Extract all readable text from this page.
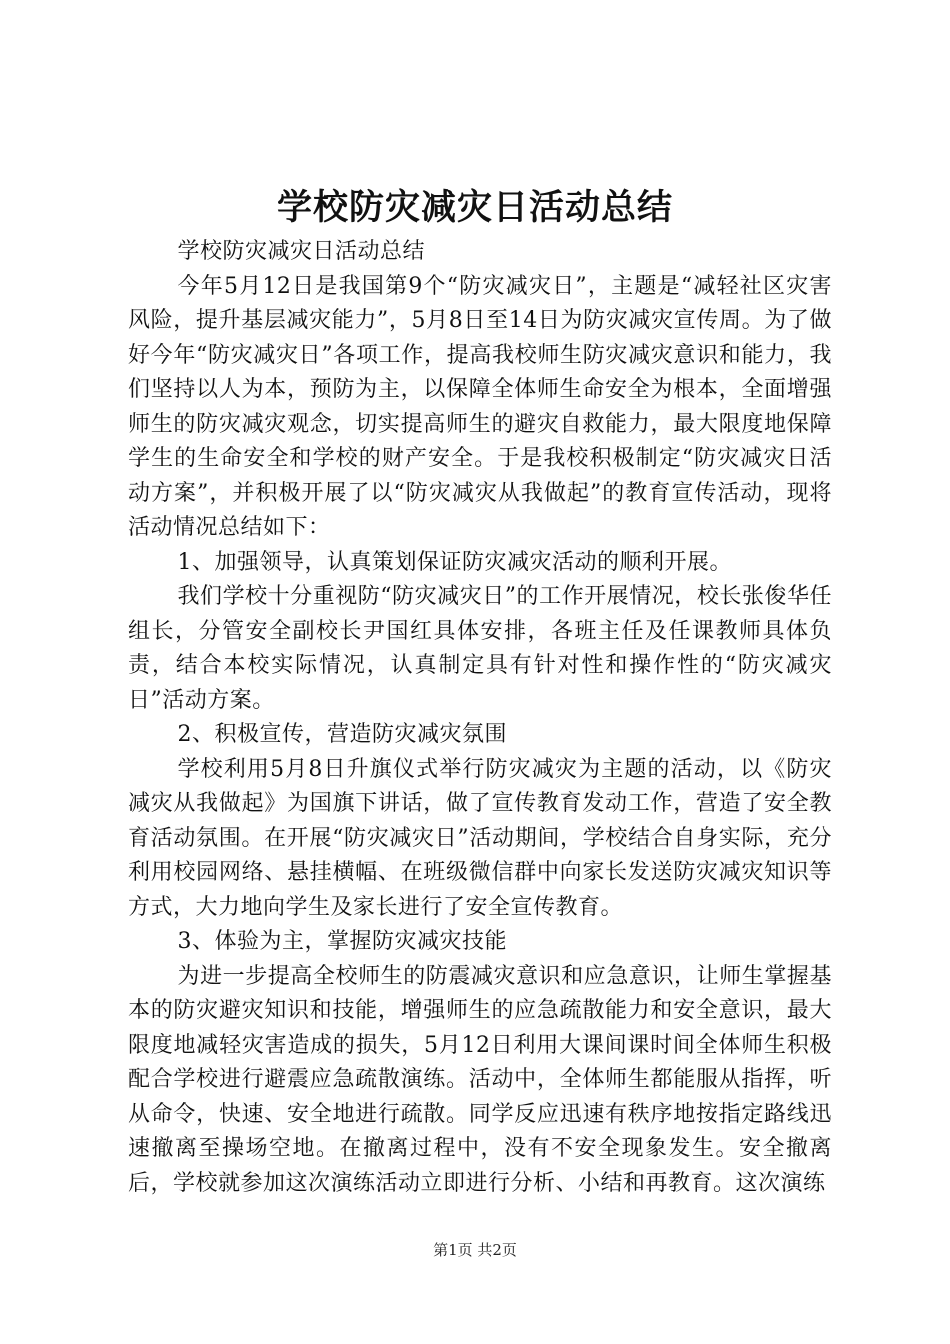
学校防灾减灾日活动总结

学校防灾减灾日活动总结

今年5月12日是我国第9个“防灾减灾日”，主题是“减轻社区灾害风险，提升基层减灾能力”，5月8日至14日为防灾减灾宣传周。为了做好今年“防灾减灾日”各项工作，提高我校师生防灾减灾意识和能力，我们坚持以人为本，预防为主，以保障全体师生命安全为根本，全面增强师生的防灾减灾观念，切实提高师生的避灾自救能力，最大限度地保障学生的生命安全和学校的财产安全。于是我校积极制定“防灾减灾日活动方案”，并积极开展了以“防灾减灾从我做起”的教育宣传活动，现将活动情况总结如下：

1、加强领导，认真策划保证防灾减灾活动的顺利开展。

我们学校十分重视防“防灾减灾日”的工作开展情况，校长张俊华任组长，分管安全副校长尹国红具体安排，各班主任及任课教师具体负责，结合本校实际情况，认真制定具有针对性和操作性的“防灾减灾日”活动方案。

2、积极宣传，营造防灾减灾氛围

学校利用5月8日升旗仪式举行防灾减灾为主题的活动，以《防灾减灾从我做起》为国旗下讲话，做了宣传教育发动工作，营造了安全教育活动氛围。在开展“防灾减灾日”活动期间，学校结合自身实际，充分利用校园网络、悬挂横幅、在班级微信群中向家长发送防灾减灾知识等方式，大力地向学生及家长进行了安全宣传教育。

3、体验为主，掌握防灾减灾技能

为进一步提高全校师生的防震减灾意识和应急意识，让师生掌握基本的防灾避灾知识和技能，增强师生的应急疏散能力和安全意识，最大限度地减轻灾害造成的损失，5月12日利用大课间课时间全体师生积极配合学校进行避震应急疏散演练。活动中，全体师生都能服从指挥，听从命令，快速、安全地进行疏散。同学反应迅速有秩序地按指定路线迅速撤离至操场空地。在撤离过程中，没有不安全现象发生。安全撤离后，学校就参加这次演练活动立即进行分析、小结和再教育。这次演练

第1页 共2页
